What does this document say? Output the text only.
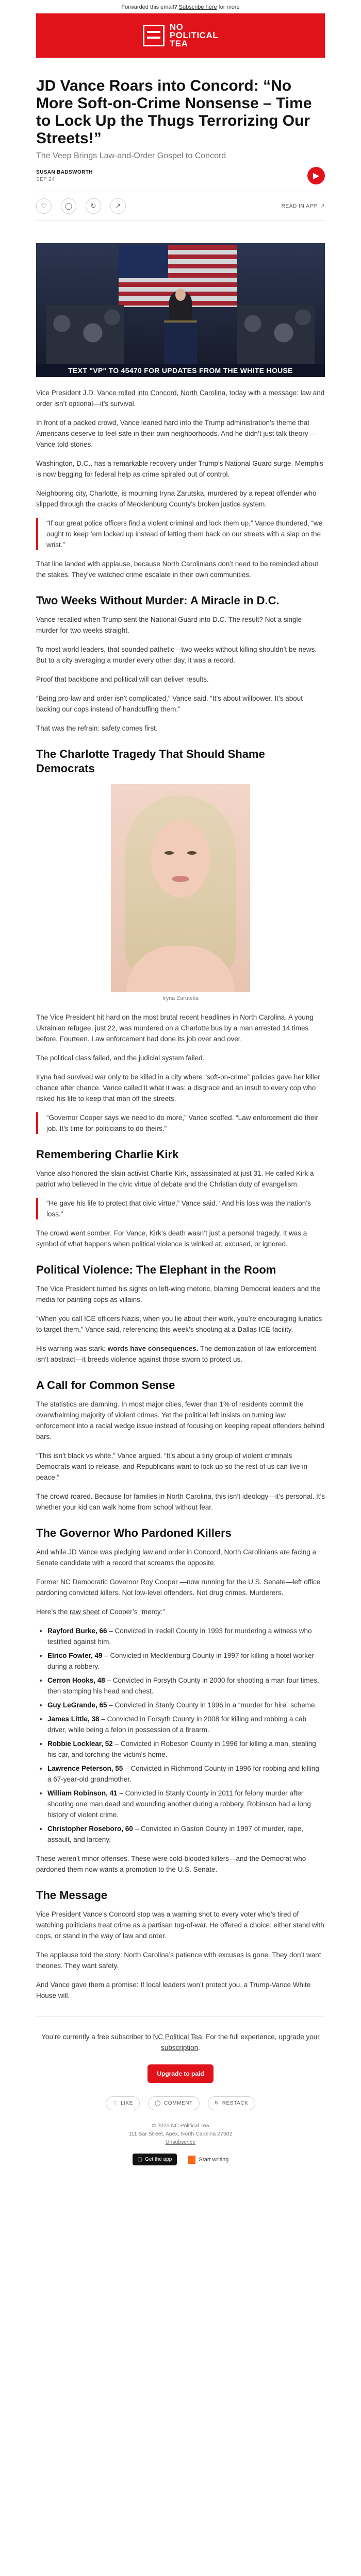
Forwarded this email? Subscribe here for more
NO
POLITICAL
TEA
JD Vance Roars into Concord: “No More Soft-on-Crime Nonsense – Time to Lock Up the Thugs Terrorizing Our Streets!”
The Veep Brings Law-and-Order Gospel to Concord
SUSAN BADSWORTH
SEP 24	▶
♡	◯	↻	↗	READ IN APP ↗
TEXT "VP" TO 45470 FOR UPDATES FROM THE WHITE HOUSE

Vice President J.D. Vance rolled into Concord, North Carolina, today with a message: law and order isn’t optional—it’s survival.

In front of a packed crowd, Vance leaned hard into the Trump administration’s theme that Americans deserve to feel safe in their own neighborhoods. And he didn’t just talk theory—Vance told stories.

Washington, D.C., has a remarkable recovery under Trump’s National Guard surge. Memphis is now begging for federal help as crime spiraled out of control.

Neighboring city, Charlotte, is mourning Iryna Zarutska, murdered by a repeat offender who slipped through the cracks of Mecklenburg County’s broken justice system.

“If our great police officers find a violent criminal and lock them up,” Vance thundered, “we ought to keep ’em locked up instead of letting them back on our streets with a slap on the wrist.”

That line landed with applause, because North Carolinians don’t need to be reminded about the stakes. They’ve watched crime escalate in their own communities.

Two Weeks Without Murder: A Miracle in D.C.

Vance recalled when Trump sent the National Guard into D.C. The result? Not a single murder for two weeks straight.

To most world leaders, that sounded pathetic—two weeks without killing shouldn’t be news. But to a city averaging a murder every other day, it was a record.

Proof that backbone and political will can deliver results.

“Being pro-law and order isn’t complicated,” Vance said. “It’s about willpower. It’s about backing our cops instead of handcuffing them.”

That was the refrain: safety comes first.

The Charlotte Tragedy That Should Shame Democrats
Iryna Zarutska

The Vice President hit hard on the most brutal recent headlines in North Carolina. A young Ukrainian refugee, just 22, was murdered on a Charlotte bus by a man arrested 14 times before. Fourteen. Law enforcement had done its job over and over.

The political class failed, and the judicial system failed.

Iryna had survived war only to be killed in a city where “soft-on-crime” policies gave her killer chance after chance. Vance called it what it was: a disgrace and an insult to every cop who risked his life to keep that man off the streets.

“Governor Cooper says we need to do more,” Vance scoffed. “Law enforcement did their job. It’s time for politicians to do theirs.”

Remembering Charlie Kirk

Vance also honored the slain activist Charlie Kirk, assassinated at just 31. He called Kirk a patriot who believed in the civic virtue of debate and the Christian duty of evangelism.

“He gave his life to protect that civic virtue,” Vance said. “And his loss was the nation’s loss.”

The crowd went somber. For Vance, Kirk’s death wasn’t just a personal tragedy. It was a symbol of what happens when political violence is winked at, excused, or ignored.

Political Violence: The Elephant in the Room

The Vice President turned his sights on left-wing rhetoric, blaming Democrat leaders and the media for painting cops as villains.

“When you call ICE officers Nazis, when you lie about their work, you’re encouraging lunatics to target them,” Vance said, referencing this week’s shooting at a Dallas ICE facility.

His warning was stark: words have consequences. The demonization of law enforcement isn’t abstract—it breeds violence against those sworn to protect us.

A Call for Common Sense

The statistics are damning. In most major cities, fewer than 1% of residents commit the overwhelming majority of violent crimes. Yet the political left insists on turning law enforcement into a racial wedge issue instead of focusing on keeping repeat offenders behind bars.

“This isn’t black vs white,” Vance argued. “It’s about a tiny group of violent criminals Democrats want to release, and Republicans want to lock up so the rest of us can live in peace.”

The crowd roared. Because for families in North Carolina, this isn’t ideology—it’s personal. It’s whether your kid can walk home from school without fear.

The Governor Who Pardoned Killers

And while JD Vance was pledging law and order in Concord, North Carolinians are facing a Senate candidate with a record that screams the opposite.

Former NC Democratic Governor Roy Cooper —now running for the U.S. Senate—left office pardoning convicted killers. Not low-level offenders. Not drug crimes. Murderers.

Here’s the raw sheet of Cooper’s “mercy:”

• Rayford Burke, 66 – Convicted in Iredell County in 1993 for murdering a witness who testified against him.
• Elrico Fowler, 49 – Convicted in Mecklenburg County in 1997 for killing a hotel worker during a robbery.
• Cerron Hooks, 48 – Convicted in Forsyth County in 2000 for shooting a man four times, then stomping his head and chest.
• Guy LeGrande, 65 – Convicted in Stanly County in 1996 in a “murder for hire” scheme.
• James Little, 38 – Convicted in Forsyth County in 2008 for killing and robbing a cab driver, while being a felon in possession of a firearm.
• Robbie Locklear, 52 – Convicted in Robeson County in 1996 for killing a man, stealing his car, and torching the victim’s home.
• Lawrence Peterson, 55 – Convicted in Richmond County in 1996 for robbing and killing a 67-year-old grandmother.
• William Robinson, 41 – Convicted in Stanly County in 2011 for felony murder after shooting one man dead and wounding another during a robbery. Robinson had a long history of violent crime.
• Christopher Roseboro, 60 – Convicted in Gaston County in 1997 of murder, rape, assault, and larceny.

These weren’t minor offenses. These were cold-blooded killers—and the Democrat who pardoned them now wants a promotion to the U.S. Senate.

The Message

Vice President Vance’s Concord stop was a warning shot to every voter who’s tired of watching politicians treat crime as a partisan tug-of-war. He offered a choice: either stand with cops, or stand in the way of law and order.

The applause told the story: North Carolina’s patience with excuses is gone. They don’t want theories. They want safety.

And Vance gave them a promise: If local leaders won’t protect you, a Trump-Vance White House will.

You’re currently a free subscriber to NC Political Tea. For the full experience, upgrade your subscription.

Upgrade to paid
♡ LIKE	◯ COMMENT	↻ RESTACK
© 2025 NC Political Tea
111 Bar Street, Apex, North Carolina 27502
Unsubscribe
▢ Get the app	Start writing
